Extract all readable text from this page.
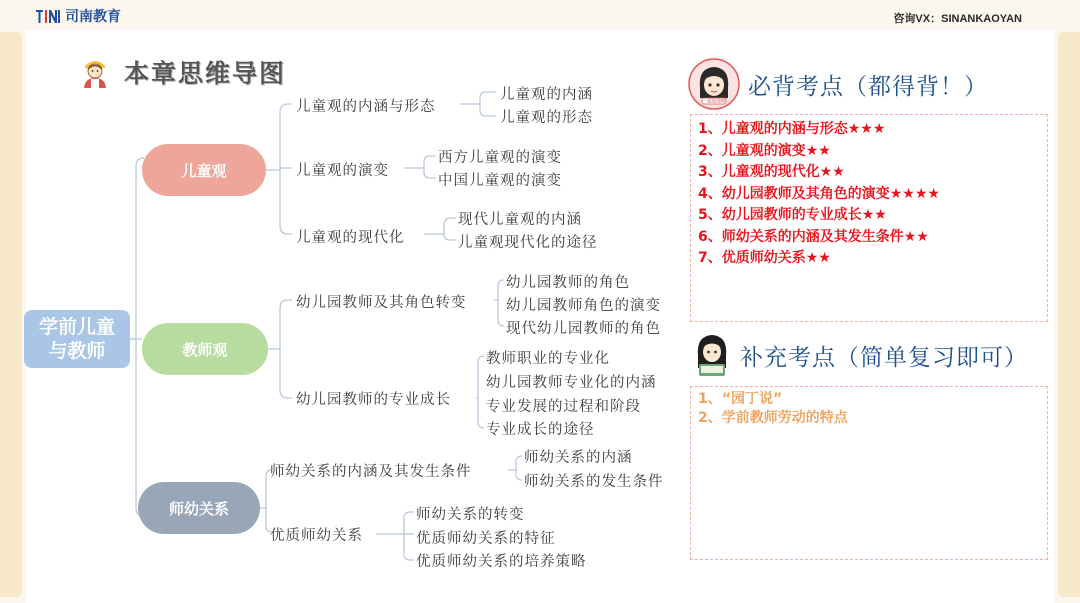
司南教育	咨询VX：SINANKAOYAN
本章思维导图
学前儿童
与教师
儿童观
教师观
师幼关系
儿童观的内涵与形态
儿童观的内涵
儿童观的形态
儿童观的演变
西方儿童观的演变
中国儿童观的演变
儿童观的现代化
现代儿童观的内涵
儿童观现代化的途径
幼儿园教师及其角色转变
幼儿园教师的角色
幼儿园教师角色的演变
现代幼儿园教师的角色
幼儿园教师的专业成长
教师职业的专业化
幼儿园教师专业化的内涵
专业发展的过程和阶段
专业成长的途径
师幼关系的内涵及其发生条件
师幼关系的内涵
师幼关系的发生条件
优质师幼关系
师幼关系的转变
优质师幼关系的特征
优质师幼关系的培养策略
一起加油呀
必背考点（都得背！）
1、儿童观的内涵与形态★★★
2、儿童观的演变★★
3、儿童观的现代化★★
4、幼儿园教师及其角色的演变★★★★
5、幼儿园教师的专业成长★★
6、师幼关系的内涵及其发生条件★★
7、优质师幼关系★★
补充考点（简单复习即可）
1、“园丁说”
2、学前教师劳动的特点
